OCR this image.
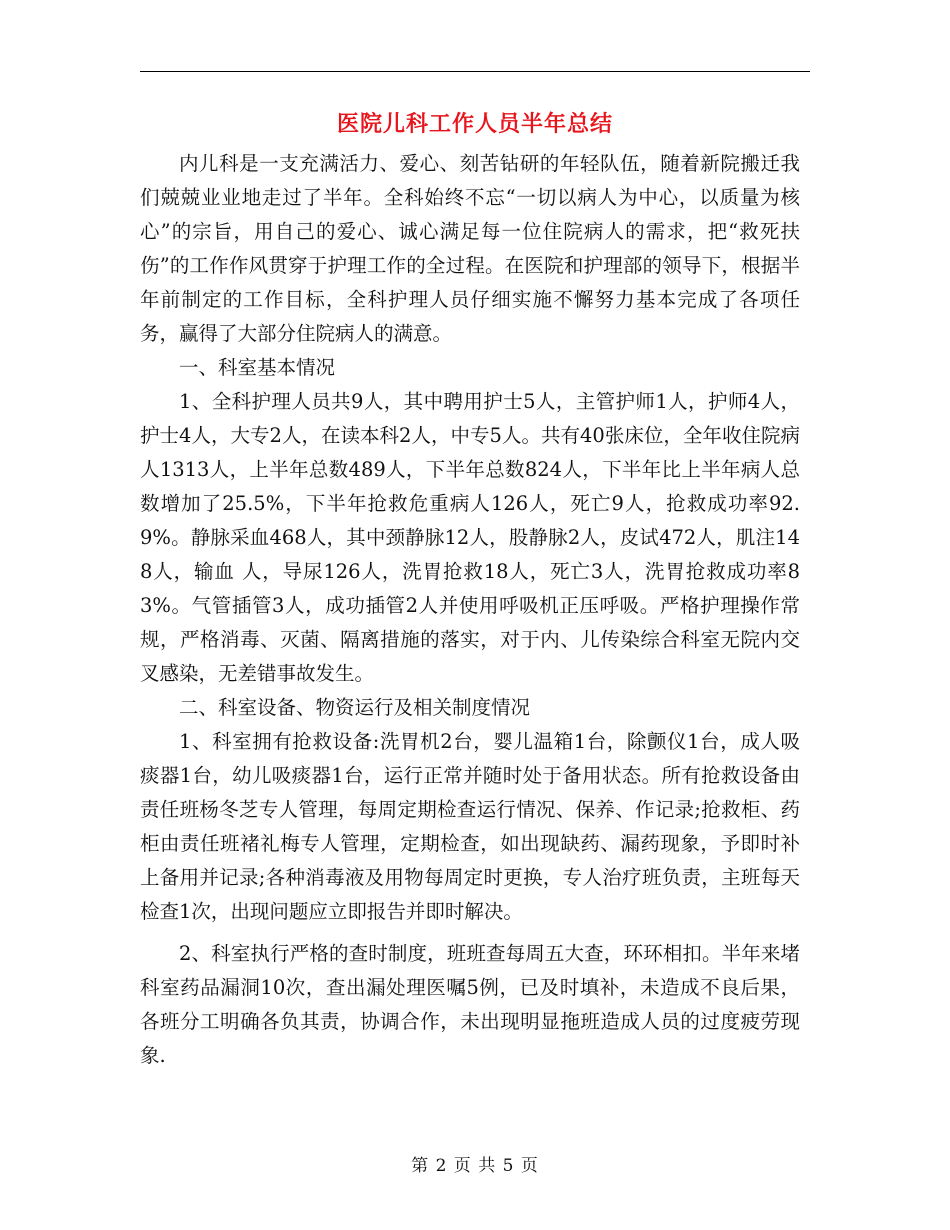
医院儿科工作人员半年总结

内儿科是一支充满活力、爱心、刻苦钻研的年轻队伍，随着新院搬迁我们兢兢业业地走过了半年。全科始终不忘“一切以病人为中心，以质量为核心”的宗旨，用自己的爱心、诚心满足每一位住院病人的需求，把“救死扶伤”的工作作风贯穿于护理工作的全过程。在医院和护理部的领导下，根据半年前制定的工作目标，全科护理人员仔细实施不懈努力基本完成了各项任务，赢得了大部分住院病人的满意。

一、科室基本情况

1、全科护理人员共9人，其中聘用护士5人，主管护师1人，护师4人，护士4人，大专2人，在读本科2人，中专5人。共有40张床位，全年收住院病人1313人，上半年总数489人，下半年总数824人，下半年比上半年病人总数增加了25.5%，下半年抢救危重病人126人，死亡9人，抢救成功率92.9%。静脉采血468人，其中颈静脉12人，股静脉2人，皮试472人，肌注148人，输血 人，导尿126人，洗胃抢救18人，死亡3人，洗胃抢救成功率83%。气管插管3人，成功插管2人并使用呼吸机正压呼吸。严格护理操作常规，严格消毒、灭菌、隔离措施的落实，对于内、儿传染综合科室无院内交叉感染，无差错事故发生。

二、科室设备、物资运行及相关制度情况

1、科室拥有抢救设备:洗胃机2台，婴儿温箱1台，除颤仪1台，成人吸痰器1台，幼儿吸痰器1台，运行正常并随时处于备用状态。所有抢救设备由责任班杨冬芝专人管理，每周定期检查运行情况、保养、作记录;抢救柜、药柜由责任班褚礼梅专人管理，定期检查，如出现缺药、漏药现象，予即时补上备用并记录;各种消毒液及用物每周定时更换，专人治疗班负责，主班每天检查1次，出现问题应立即报告并即时解决。

2、科室执行严格的查时制度，班班查每周五大查，环环相扣。半年来堵科室药品漏洞10次，查出漏处理医嘱5例，已及时填补，未造成不良后果，各班分工明确各负其责，协调合作，未出现明显拖班造成人员的过度疲劳现象.

第 2 页 共 5 页
